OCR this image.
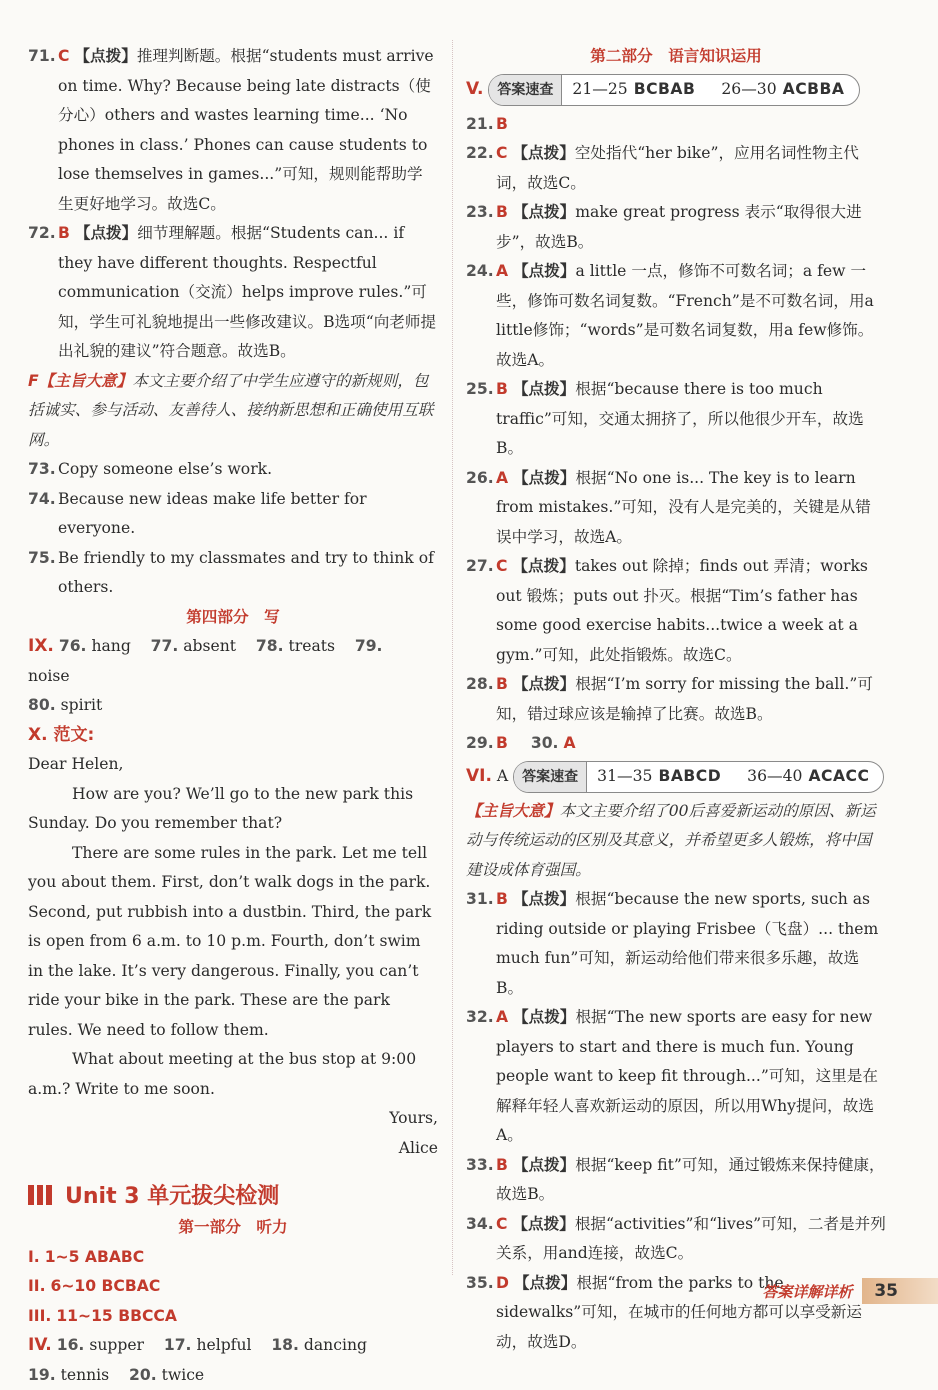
71. C 【点拨】推理判断题。根据“students must arrive on time. Why? Because being late distracts（使分心）others and wastes learning time... ‘No phones in class.’ Phones can cause students to lose themselves in games...”可知，规则能帮助学生更好地学习。故选C。

72. B 【点拨】细节理解题。根据“Students can... if they have different thoughts. Respectful communication（交流）helps improve rules.”可知，学生可礼貌地提出一些修改建议。B选项“向老师提出礼貌的建议”符合题意。故选B。

F【主旨大意】本文主要介绍了中学生应遵守的新规则，包括诚实、参与活动、友善待人、接纳新思想和正确使用互联网。

73. Copy someone else’s work.

74. Because new ideas make life better for everyone.

75. Be friendly to my classmates and try to think of others.

第四部分　写

IX. 76. hang 77. absent 78. treats 79. noise

80. spirit

X. 范文:

Dear Helen,

How are you? We’ll go to the new park this Sunday. Do you remember that?

There are some rules in the park. Let me tell you about them. First, don’t walk dogs in the park. Second, put rubbish into a dustbin. Third, the park is open from 6 a.m. to 10 p.m. Fourth, don’t swim in the lake. It’s very dangerous. Finally, you can’t ride your bike in the park. These are the park rules. We need to follow them.

What about meeting at the bus stop at 9:00 a.m.? Write to me soon.

Yours,

Alice

Unit 3 单元拔尖检测

第一部分　听力

I. 1~5 ABABC

II. 6~10 BCBAC

III. 11~15 BBCCA

IV. 16. supper 17. helpful 18. dancing

19. tennis 20. twice

第二部分　语言知识运用

V. 答案速查	21—25 BCBAB 26—30 ACBBA

21. B

22. C 【点拨】空处指代“her bike”，应用名词性物主代词，故选C。

23. B 【点拨】make great progress 表示“取得很大进步”，故选B。

24. A 【点拨】a little 一点，修饰不可数名词；a few 一些，修饰可数名词复数。“French”是不可数名词，用a little修饰；“words”是可数名词复数，用a few修饰。故选A。

25. B 【点拨】根据“because there is too much traffic”可知，交通太拥挤了，所以他很少开车，故选B。

26. A 【点拨】根据“No one is... The key is to learn from mistakes.”可知，没有人是完美的，关键是从错误中学习，故选A。

27. C 【点拨】takes out 除掉；finds out 弄清；works out 锻炼；puts out 扑灭。根据“Tim’s father has some good exercise habits...twice a week at a gym.”可知，此处指锻炼。故选C。

28. B 【点拨】根据“I’m sorry for missing the ball.”可知，错过球应该是输掉了比赛。故选B。

29. B 30. A

VI. A 答案速查	31—35 BABCD 36—40 ACACC

【主旨大意】本文主要介绍了00后喜爱新运动的原因、新运动与传统运动的区别及其意义，并希望更多人锻炼，将中国建设成体育强国。

31. B 【点拨】根据“because the new sports, such as riding outside or playing Frisbee（飞盘）... them much fun”可知，新运动给他们带来很多乐趣，故选B。

32. A 【点拨】根据“The new sports are easy for new players to start and there is much fun. Young people want to keep fit through...”可知，这里是在解释年轻人喜欢新运动的原因，所以用Why提问，故选A。

33. B 【点拨】根据“keep fit”可知，通过锻炼来保持健康，故选B。

34. C 【点拨】根据“activities”和“lives”可知，二者是并列关系，用and连接，故选C。

35. D 【点拨】根据“from the parks to the sidewalks”可知，在城市的任何地方都可以享受新运动，故选D。

答案详解详析	35
